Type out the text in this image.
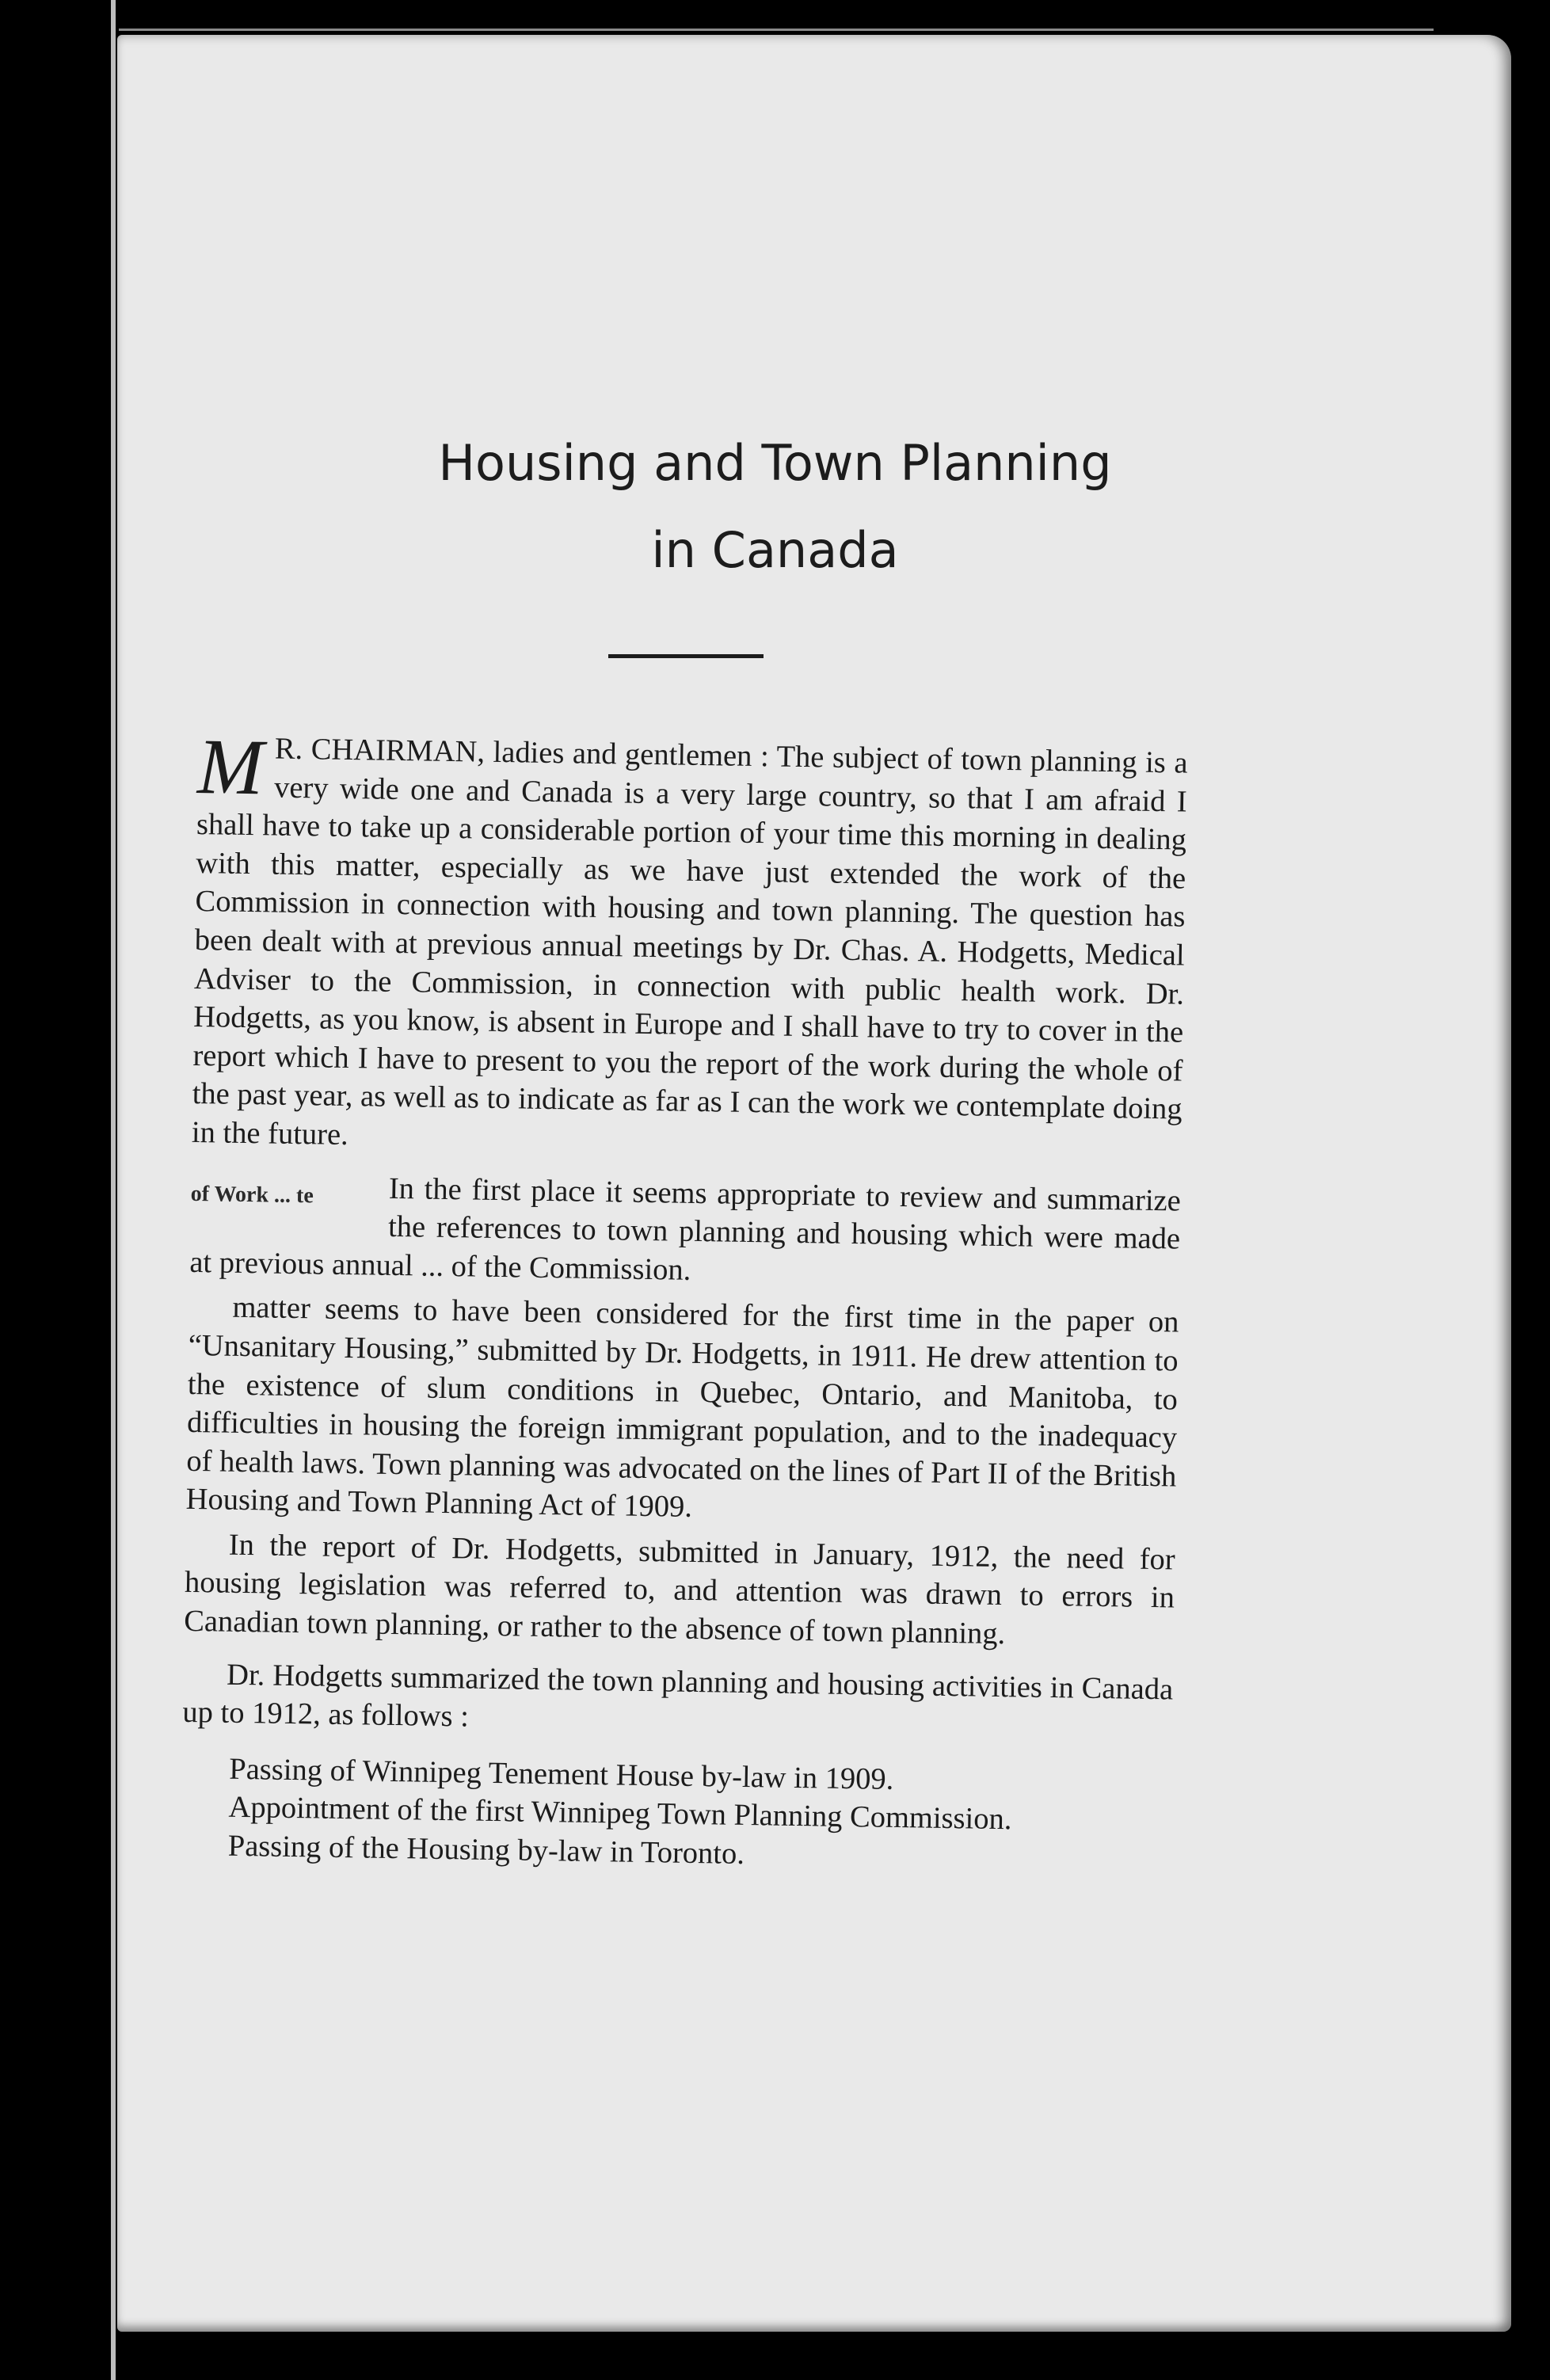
Housing and Town Planning
in Canada

M R. CHAIRMAN, ladies and gentlemen : The subject of town planning is a very wide one and Canada is a very large country, so that I am afraid I shall have to take up a considerable portion of your time this morning in dealing with this matter, especially as we have just extended the work of the Commission in connection with housing and town planning. The question has been dealt with at previous annual meetings by Dr. Chas. A. Hodgetts, Medical Adviser to the Commission, in connection with public health work. Dr. Hodgetts, as you know, is absent in Europe and I shall have to try to cover in the report which I have to present to you the report of the work during the whole of the past year, as well as to indicate as far as I can the work we contemplate doing in the future.

of Work ... te	In the first place it seems appropriate to review and summarize the references to town planning and housing which were made at previous annual ... of the Commission.

matter seems to have been considered for the first time in the paper on “Unsanitary Housing,” submitted by Dr. Hodgetts, in 1911. He drew attention to the existence of slum conditions in Quebec, Ontario, and Manitoba, to difficulties in housing the foreign immigrant population, and to the inadequacy of health laws. Town planning was advocated on the lines of Part II of the British Housing and Town Planning Act of 1909.

In the report of Dr. Hodgetts, submitted in January, 1912, the need for housing legislation was referred to, and attention was drawn to errors in Canadian town planning, or rather to the absence of town planning.

Dr. Hodgetts summarized the town planning and housing activities in Canada up to 1912, as follows :

Passing of Winnipeg Tenement House by-law in 1909.
Appointment of the first Winnipeg Town Planning Commission.
Passing of the Housing by-law in Toronto.
